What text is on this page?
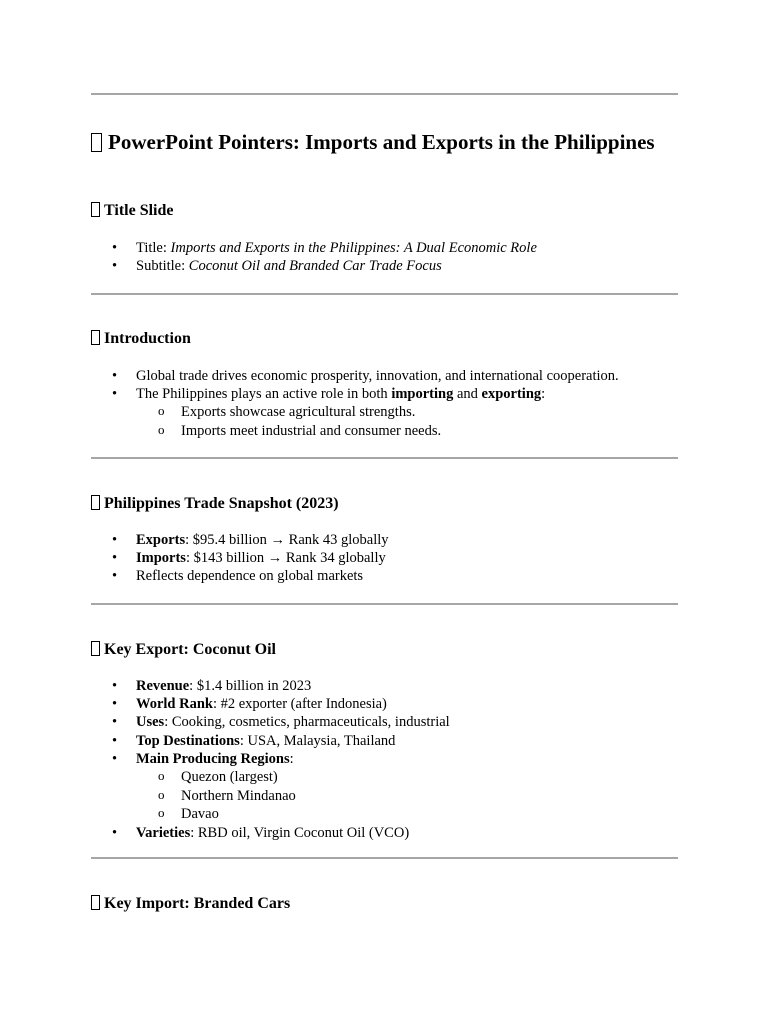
PowerPoint Pointers: Imports and Exports in the Philippines
Title Slide
• Title: Imports and Exports in the Philippines: A Dual Economic Role
• Subtitle: Coconut Oil and Branded Car Trade Focus
Introduction
• Global trade drives economic prosperity, innovation, and international cooperation.
• The Philippines plays an active role in both importing and exporting:
o Exports showcase agricultural strengths.
o Imports meet industrial and consumer needs.
Philippines Trade Snapshot (2023)
• Exports: $95.4 billion → Rank 43 globally
• Imports: $143 billion → Rank 34 globally
• Reflects dependence on global markets
Key Export: Coconut Oil
• Revenue: $1.4 billion in 2023
• World Rank: #2 exporter (after Indonesia)
• Uses: Cooking, cosmetics, pharmaceuticals, industrial
• Top Destinations: USA, Malaysia, Thailand
• Main Producing Regions:
o Quezon (largest)
o Northern Mindanao
o Davao
• Varieties: RBD oil, Virgin Coconut Oil (VCO)
Key Import: Branded Cars
